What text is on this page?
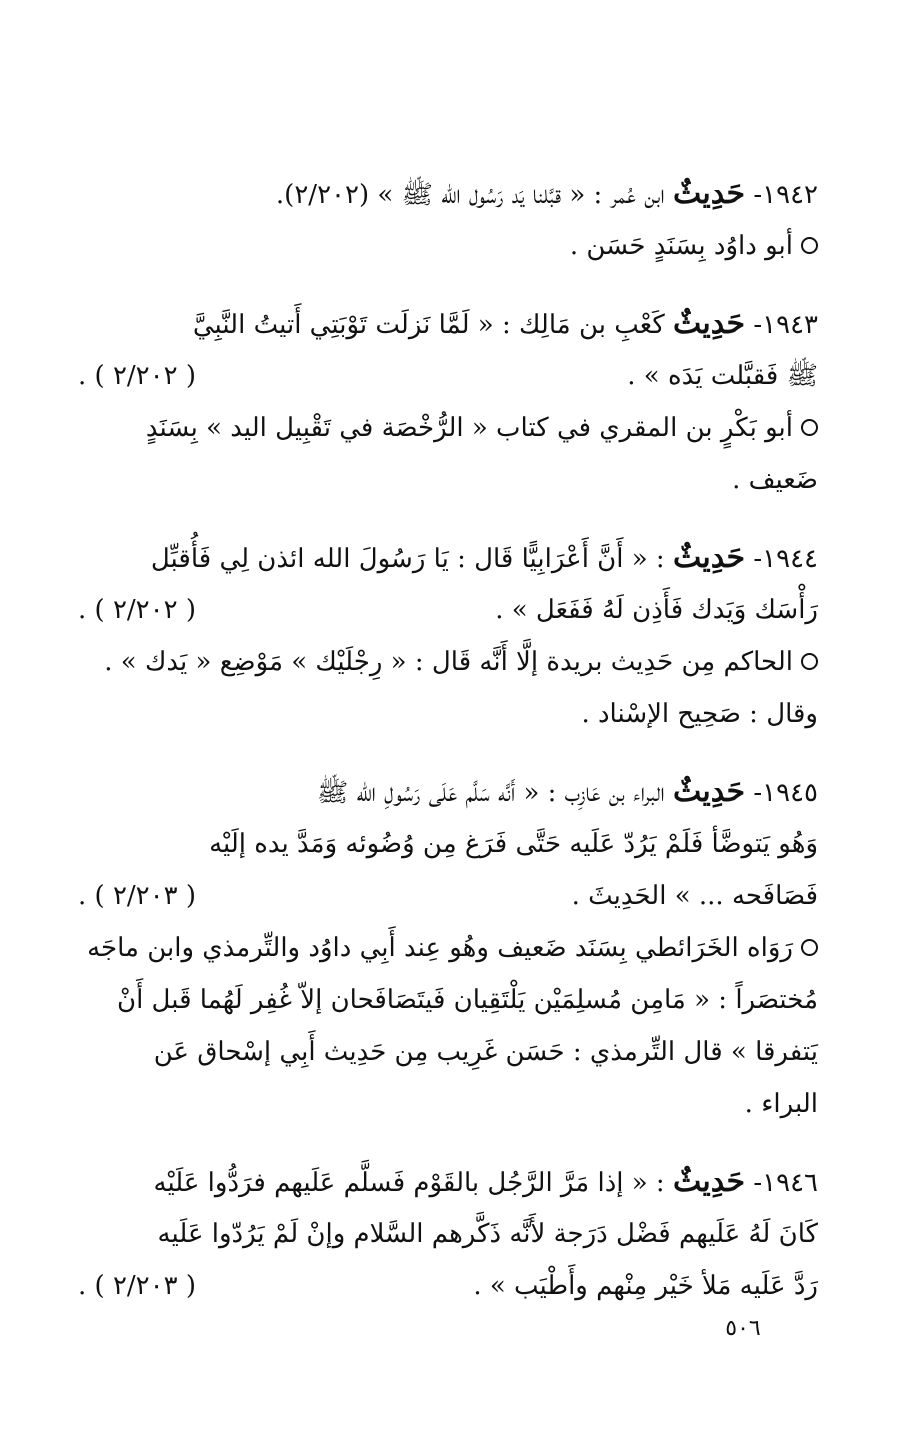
١٩٤٢- حَدِيثٌ ابن عُمر : « قبَّلنا يَد رَسُول الله ﷺ » (٢/٢٠٢).
أبو داوُد بِسَنَدٍ حَسَن .
١٩٤٣- حَدِيثٌ كَعْبِ بن مَالِك : « لَمَّا نَزلَت تَوْبَتِي أَتيتُ النَّبِيَّ
ﷺ فَقبَّلت يَدَه » .
( ٢/٢٠٢ ) .
أبو بَكْرٍ بن المقري في كتاب « الرُّخْصَة في تَقْبِيل اليد » بِسَنَدٍ
ضَعيف .
١٩٤٤- حَدِيثٌ : « أَنَّ أَعْرَابِيًّا قَال : يَا رَسُولَ الله ائذن لِي فَأُقبِّل
رَأْسَك وَيَدك فَأَذِن لَهُ فَفَعَل » .
( ٢/٢٠٢ ) .
الحاكم مِن حَدِيث بريدة إلَّا أَنَّه قَال : « رِجْلَيْك » مَوْضِع « يَدك » .
وقال : صَحِيح الإسْناد .
١٩٤٥- حَدِيثٌ البراء بن عَازِب : « أَنَّه سَلَّم عَلَى رَسُولِ الله ﷺ
وَهُو يَتوضَّأ فَلَمْ يَرُدّ عَلَيه حَتَّى فَرَغ مِن وُضُوئه وَمَدَّ يده إلَيْه
فَصَافَحه ... » الحَدِيثَ .
( ٢/٢٠٣ ) .
رَوَاه الخَرَائطي بِسَنَد ضَعيف وهُو عِند أَبِي داوُد والتِّرمذي وابن ماجَه
مُختصَراً : « مَامِن مُسلِمَيْن يَلْتَقِيان فَيتَصَافَحان إلاّ غُفِر لَهُما قَبل أَنْ
يَتفرقا » قال التِّرمذي : حَسَن غَرِيب مِن حَدِيث أَبِي إسْحاق عَن
البراء .
١٩٤٦- حَدِيثٌ : « إذا مَرَّ الرَّجُل بالقَوْم فَسلَّم عَلَيهم فرَدُّوا عَلَيْه
كَانَ لَهُ عَلَيهم فَضْل دَرَجة لأَنَّه ذَكَّرهم السَّلام وإنْ لَمْ يَرُدّوا عَلَيه
رَدَّ عَلَيه مَلأ خَيْر مِنْهم وأَطْيَب » .
( ٢/٢٠٣ ) .
٥٠٦
